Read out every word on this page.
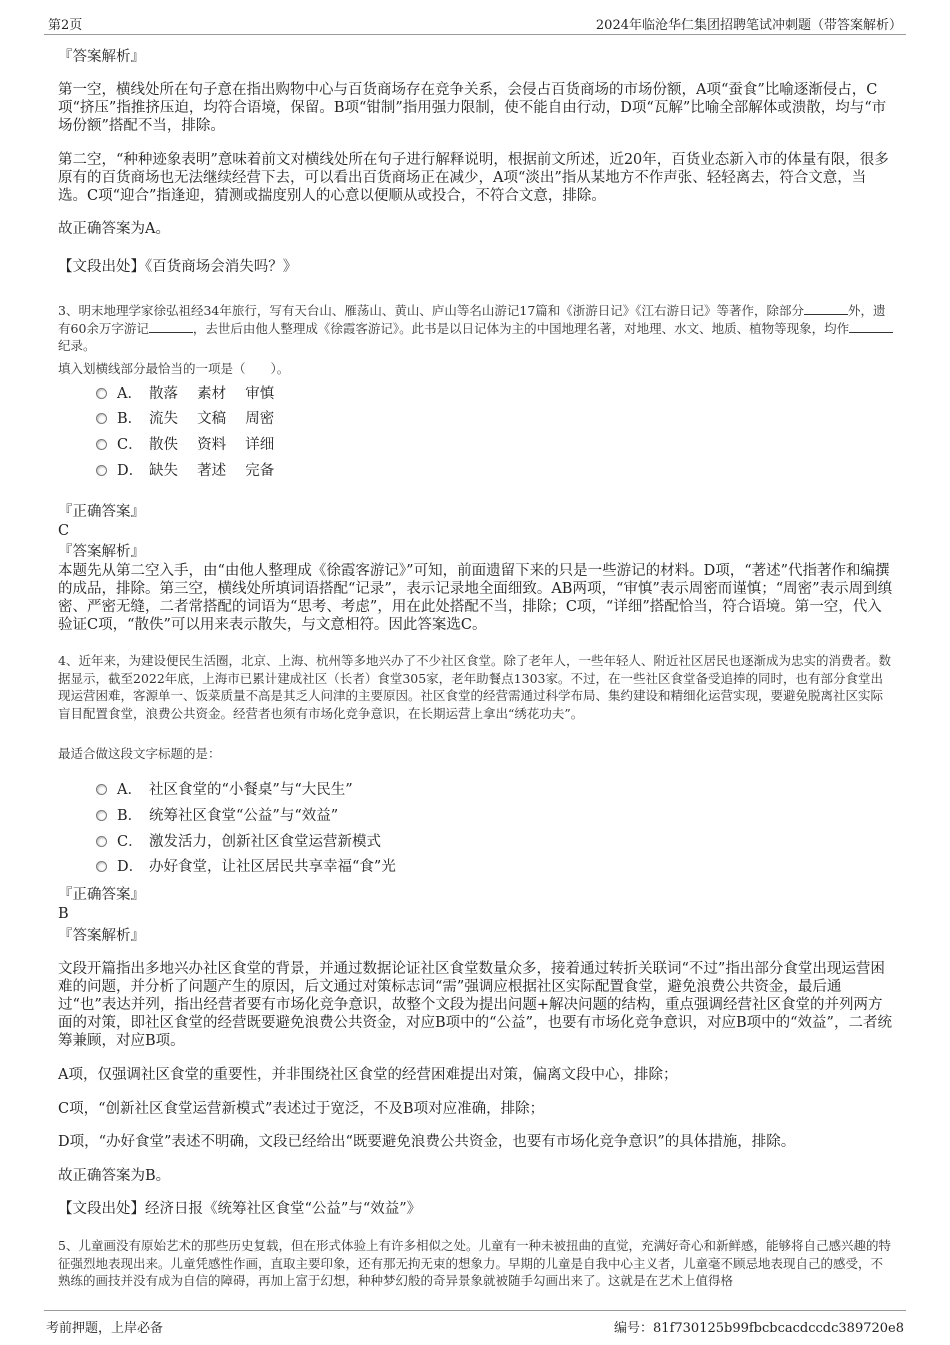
第2页	2024年临沧华仁集团招聘笔试冲刺题（带答案解析）

『答案解析』

第一空，横线处所在句子意在指出购物中心与百货商场存在竞争关系，会侵占百货商场的市场份额，A项“蚕食”比喻逐渐侵占，C项“挤压”指推挤压迫，均符合语境，保留。B项“钳制”指用强力限制，使不能自由行动，D项“瓦解”比喻全部解体或溃散，均与“市场份额”搭配不当，排除。

第二空，“种种迹象表明”意味着前文对横线处所在句子进行解释说明，根据前文所述，近20年，百货业态新入市的体量有限，很多原有的百货商场也无法继续经营下去，可以看出百货商场正在减少，A项“淡出”指从某地方不作声张、轻轻离去，符合文意，当选。C项“迎合”指逢迎，猜测或揣度别人的心意以便顺从或投合，不符合文意，排除。

故正确答案为A。

【文段出处】《百货商场会消失吗？》

3、明末地理学家徐弘祖经34年旅行，写有天台山、雁荡山、黄山、庐山等名山游记17篇和《浙游日记》《江右游日记》等著作，除部分	外，遗有60余万字游记	，去世后由他人整理成《徐霞客游记》。此书是以日记体为主的中国地理名著，对地理、水文、地质、植物等现象，均作纪录。

填入划横线部分最恰当的一项是（　　）。

A． 散落　 素材　 审慎
B． 流失　 文稿　 周密
C． 散佚　 资料　 详细
D． 缺失　 著述　 完备

『正确答案』

C

『答案解析』

本题先从第二空入手，由“由他人整理成《徐霞客游记》”可知，前面遗留下来的只是一些游记的材料。D项，“著述”代指著作和编撰的成品，排除。第三空，横线处所填词语搭配“记录”，表示记录地全面细致。AB两项，“审慎”表示周密而谨慎；“周密”表示周到缜密、严密无缝，二者常搭配的词语为“思考、考虑”，用在此处搭配不当，排除；C项，“详细”搭配恰当，符合语境。第一空，代入验证C项，“散佚”可以用来表示散失，与文意相符。因此答案选C。

4、近年来，为建设便民生活圈，北京、上海、杭州等多地兴办了不少社区食堂。除了老年人，一些年轻人、附近社区居民也逐渐成为忠实的消费者。数据显示，截至2022年底，上海市已累计建成社区（长者）食堂305家，老年助餐点1303家。不过，在一些社区食堂备受追捧的同时，也有部分食堂出现运营困难，客源单一、饭菜质量不高是其乏人问津的主要原因。社区食堂的经营需通过科学布局、集约建设和精细化运营实现，要避免脱离社区实际盲目配置食堂，浪费公共资金。经营者也须有市场化竞争意识，在长期运营上拿出“绣花功夫”。

最适合做这段文字标题的是：

A． 社区食堂的“小餐桌”与“大民生”
B． 统筹社区食堂“公益”与“效益”
C． 激发活力，创新社区食堂运营新模式
D． 办好食堂，让社区居民共享幸福“食”光

『正确答案』

B

『答案解析』

文段开篇指出多地兴办社区食堂的背景，并通过数据论证社区食堂数量众多，接着通过转折关联词“不过”指出部分食堂出现运营困难的问题，并分析了问题产生的原因，后文通过对策标志词“需”强调应根据社区实际配置食堂，避免浪费公共资金，最后通过“也”表达并列，指出经营者要有市场化竞争意识，故整个文段为提出问题+解决问题的结构，重点强调经营社区食堂的并列两方面的对策，即社区食堂的经营既要避免浪费公共资金，对应B项中的“公益”，也要有市场化竞争意识，对应B项中的“效益”，二者统筹兼顾，对应B项。

A项，仅强调社区食堂的重要性，并非围绕社区食堂的经营困难提出对策，偏离文段中心，排除；

C项，“创新社区食堂运营新模式”表述过于宽泛，不及B项对应准确，排除；

D项，“办好食堂”表述不明确，文段已经给出“既要避免浪费公共资金，也要有市场化竞争意识”的具体措施，排除。

故正确答案为B。

【文段出处】经济日报《统筹社区食堂“公益”与“效益”》

5、儿童画没有原始艺术的那些历史复载，但在形式体验上有许多相似之处。儿童有一种未被扭曲的直觉，充满好奇心和新鲜感，能够将自己感兴趣的特征强烈地表现出来。儿童凭感性作画，直取主要印象，还有那无拘无束的想象力。早期的儿童是自我中心主义者，儿童毫不顾忌地表现自己的感受，不熟练的画技并没有成为自信的障碍，再加上富于幻想，种种梦幻般的奇异景象就被随手勾画出来了。这就是在艺术上值得格

考前押题，上岸必备	编号：81f730125b99fbcbcacdccdc389720e8
